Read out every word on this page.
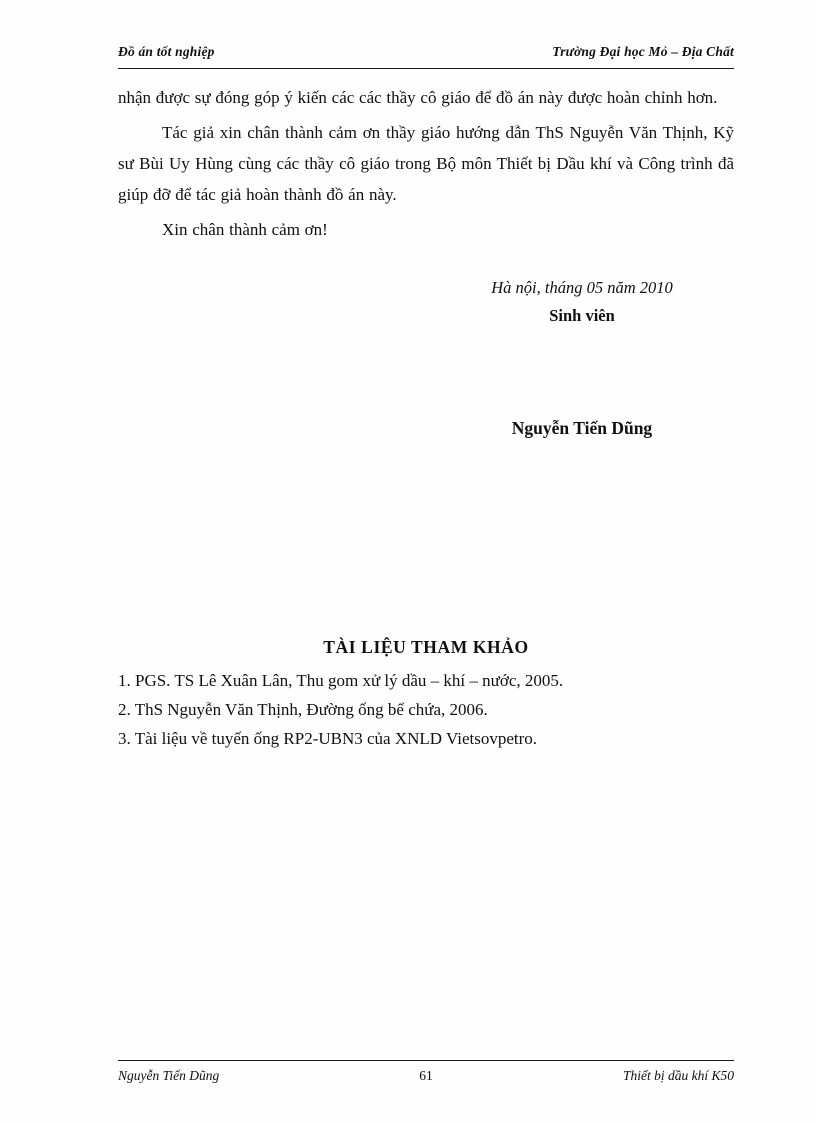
Đồ án tốt nghiệp	Trường Đại học Mỏ – Địa Chất

nhận được sự đóng góp ý kiến các các thầy cô giáo để đồ án này được hoàn chỉnh hơn.

Tác giả xin chân thành cảm ơn thầy giáo hướng dẫn ThS Nguyễn Văn Thịnh, Kỹ sư Bùi Uy Hùng cùng các thầy cô giáo trong Bộ môn Thiết bị Dầu khí và Công trình đã giúp đỡ để tác giả hoàn thành đồ án này.

Xin chân thành cảm ơn!

Hà nội, tháng 05 năm 2010
Sinh viên
Nguyễn Tiến Dũng
TÀI LIỆU THAM KHẢO
1. PGS. TS Lê Xuân Lân, Thu gom xử lý dầu – khí – nước, 2005.
2. ThS Nguyễn Văn Thịnh, Đường ống bể chứa, 2006.
3. Tài liệu về tuyến ống RP2-UBN3 của XNLD Vietsovpetro.
Nguyễn Tiến Dũng	61	Thiết bị dầu khí K50
